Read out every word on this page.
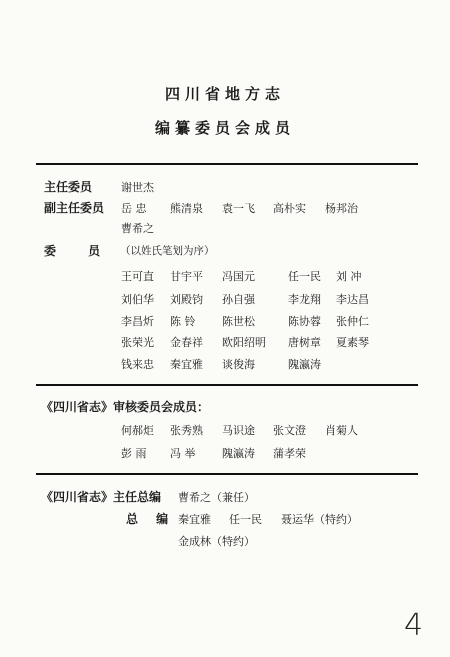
四川省地方志
编纂委员会成员
主任委员	谢世杰
副主任委员 岳 忠 熊清泉 袁一飞 高朴实 杨邦治
曹希之
委 员 （以姓氏笔划为序）
王可直 甘宇平 冯国元	任一民 刘 冲
刘伯华 刘殿钧 孙自强	李龙翔 李达昌
李昌炘 陈 铃 陈世松	陈协蓉 张仲仁
张荣光 金春祥 欧阳绍明 唐树章 夏素琴
钱来忠 秦宜雅 谈俊海	隗瀛涛
《四川省志》审核委员会成员：
何郝炬 张秀熟 马识途 张文澄 肖菊人
彭 雨 冯 举 隗瀛涛 蒲孝荣
《四川省志》主任总编 曹希之（兼任）
总 编 秦宜雅 任一民 聂运华（特约）
金成林（特约）
4
